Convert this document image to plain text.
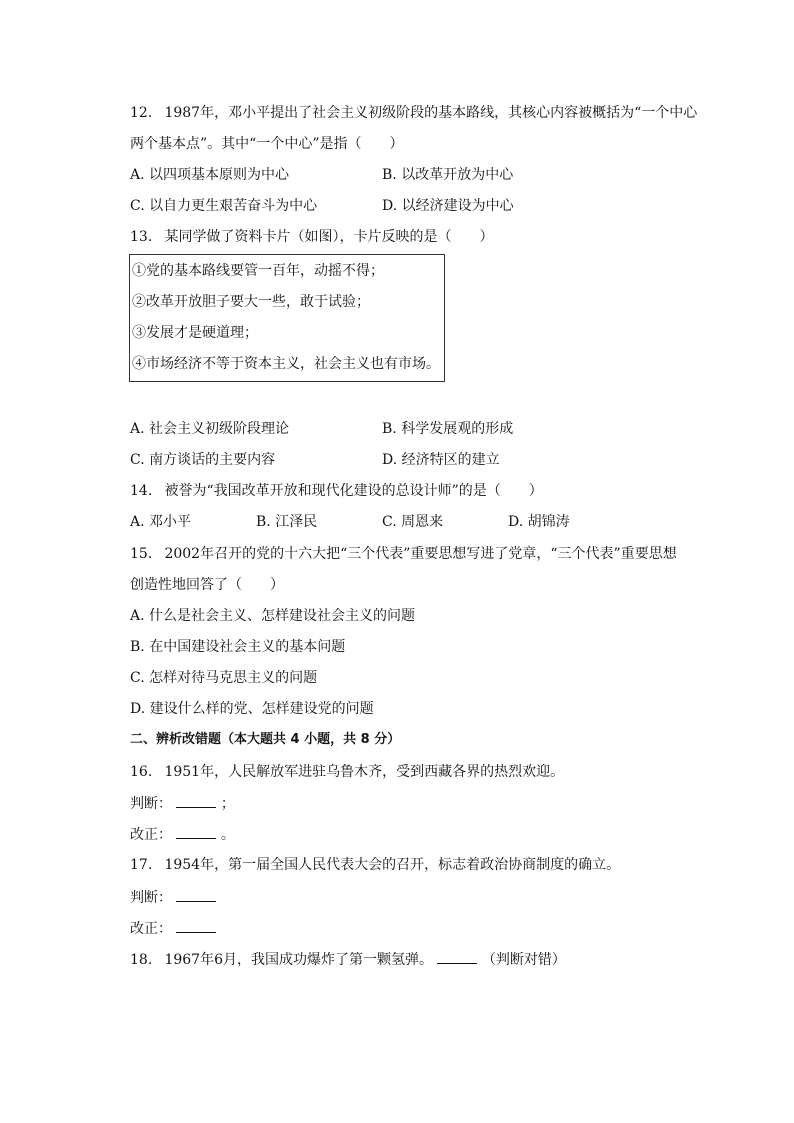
12. 1987年，邓小平提出了社会主义初级阶段的基本路线，其核心内容被概括为“一个中心
两个基本点”。其中“一个中心”是指（　　）
A. 以四项基本原则为中心	B. 以改革开放为中心
C. 以自力更生艰苦奋斗为中心	D. 以经济建设为中心
13. 某同学做了资料卡片（如图），卡片反映的是（　　）
①党的基本路线要管一百年，动摇不得；
②改革开放胆子要大一些，敢于试验；
③发展才是硬道理；
④市场经济不等于资本主义，社会主义也有市场。
A. 社会主义初级阶段理论	B. 科学发展观的形成
C. 南方谈话的主要内容	D. 经济特区的建立
14. 被誉为“我国改革开放和现代化建设的总设计师”的是（　　）
A. 邓小平	B. 江泽民	C. 周恩来	D. 胡锦涛
15. 2002年召开的党的十六大把“三个代表”重要思想写进了党章，“三个代表”重要思想
创造性地回答了（　　）
A. 什么是社会主义、怎样建设社会主义的问题
B. 在中国建设社会主义的基本问题
C. 怎样对待马克思主义的问题
D. 建设什么样的党、怎样建设党的问题
二、辨析改错题（本大题共 4 小题，共 8 分）
16. 1951年，人民解放军进驻乌鲁木齐，受到西藏各界的热烈欢迎。
判断：	；
改正：	。
17. 1954年，第一届全国人民代表大会的召开，标志着政治协商制度的确立。
判断：
改正：
18. 1967年6月，我国成功爆炸了第一颗氢弹。	（判断对错）
